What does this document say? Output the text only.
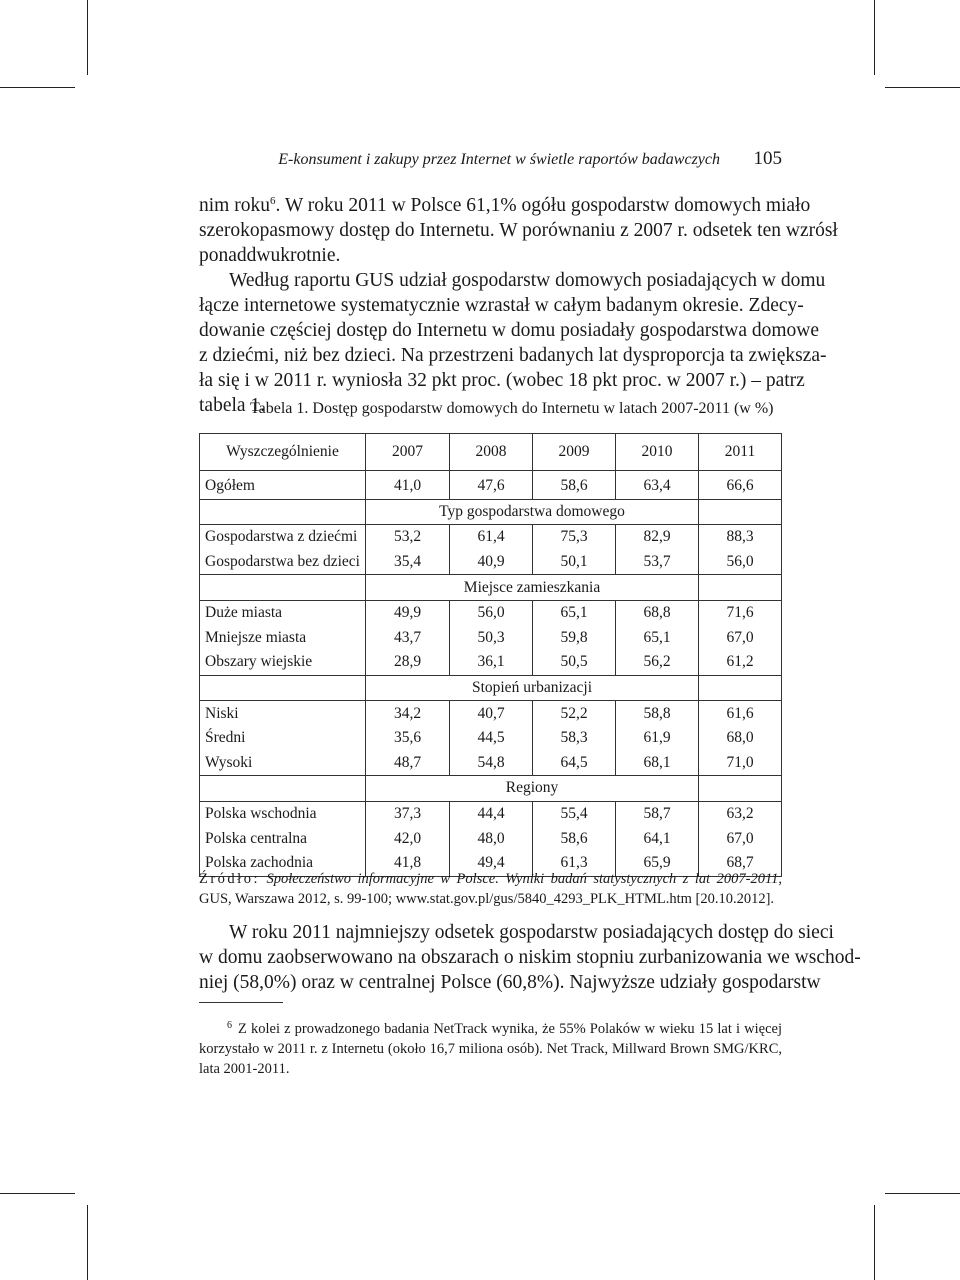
E-konsument i zakupy przez Internet w świetle raportów badawczych 105
nim roku$^6$. W roku 2011 w Polsce 61,1% ogółu gospodarstw domowych miało
szerokopasmowy dostęp do Internetu. W porównaniu z 2007 r. odsetek ten wzrósł
ponaddwukrotnie.
Według raportu GUS udział gospodarstw domowych posiadających w domu
łącze internetowe systematycznie wzrastał w całym badanym okresie. Zdecy-
dowanie częściej dostęp do Internetu w domu posiadały gospodarstwa domowe
z dziećmi, niż bez dzieci. Na przestrzeni badanych lat dysproporcja ta zwiększa-
ła się i w 2011 r. wyniosła 32 pkt proc. (wobec 18 pkt proc. w 2007 r.) – patrz
tabela 1.
Tabela 1. Dostęp gospodarstw domowych do Internetu w latach 2007-2011 (w %)
Wyszczególnienie	2007	2008	2009	2010	2011
Ogółem	41,0	47,6	58,6	63,4	66,6
	Typ gospodarstwa domowego				
Gospodarstwa z dziećmi	53,2	61,4	75,3	82,9	88,3
Gospodarstwa bez dzieci	35,4	40,9	50,1	53,7	56,0
	Miejsce zamieszkania				
Duże miasta	49,9	56,0	65,1	68,8	71,6
Mniejsze miasta	43,7	50,3	59,8	65,1	67,0
Obszary wiejskie	28,9	36,1	50,5	56,2	61,2
	Stopień urbanizacji				
Niski	34,2	40,7	52,2	58,8	61,6
Średni	35,6	44,5	58,3	61,9	68,0
Wysoki	48,7	54,8	64,5	68,1	71,0
	Regiony				
Polska wschodnia	37,3	44,4	55,4	58,7	63,2
Polska centralna	42,0	48,0	58,6	64,1	67,0
Polska zachodnia	41,8	49,4	61,3	65,9	68,7
Źródło: Społeczeństwo informacyjne w Polsce. Wyniki badań statystycznych z lat 2007-2011, GUS, Warszawa 2012, s. 99-100; www.stat.gov.pl/gus/5840_4293_PLK_HTML.htm [20.10.2012].
W roku 2011 najmniejszy odsetek gospodarstw posiadających dostęp do sieci
w domu zaobserwowano na obszarach o niskim stopniu zurbanizowania we wschod-
niej (58,0%) oraz w centralnej Polsce (60,8%). Najwyższe udziały gospodarstw
$^6$ Z kolei z prowadzonego badania NetTrack wynika, że 55% Polaków w wieku 15 lat i więcej
korzystało w 2011 r. z Internetu (około 16,7 miliona osób). Net Track, Millward Brown SMG/KRC,
lata 2001-2011.
